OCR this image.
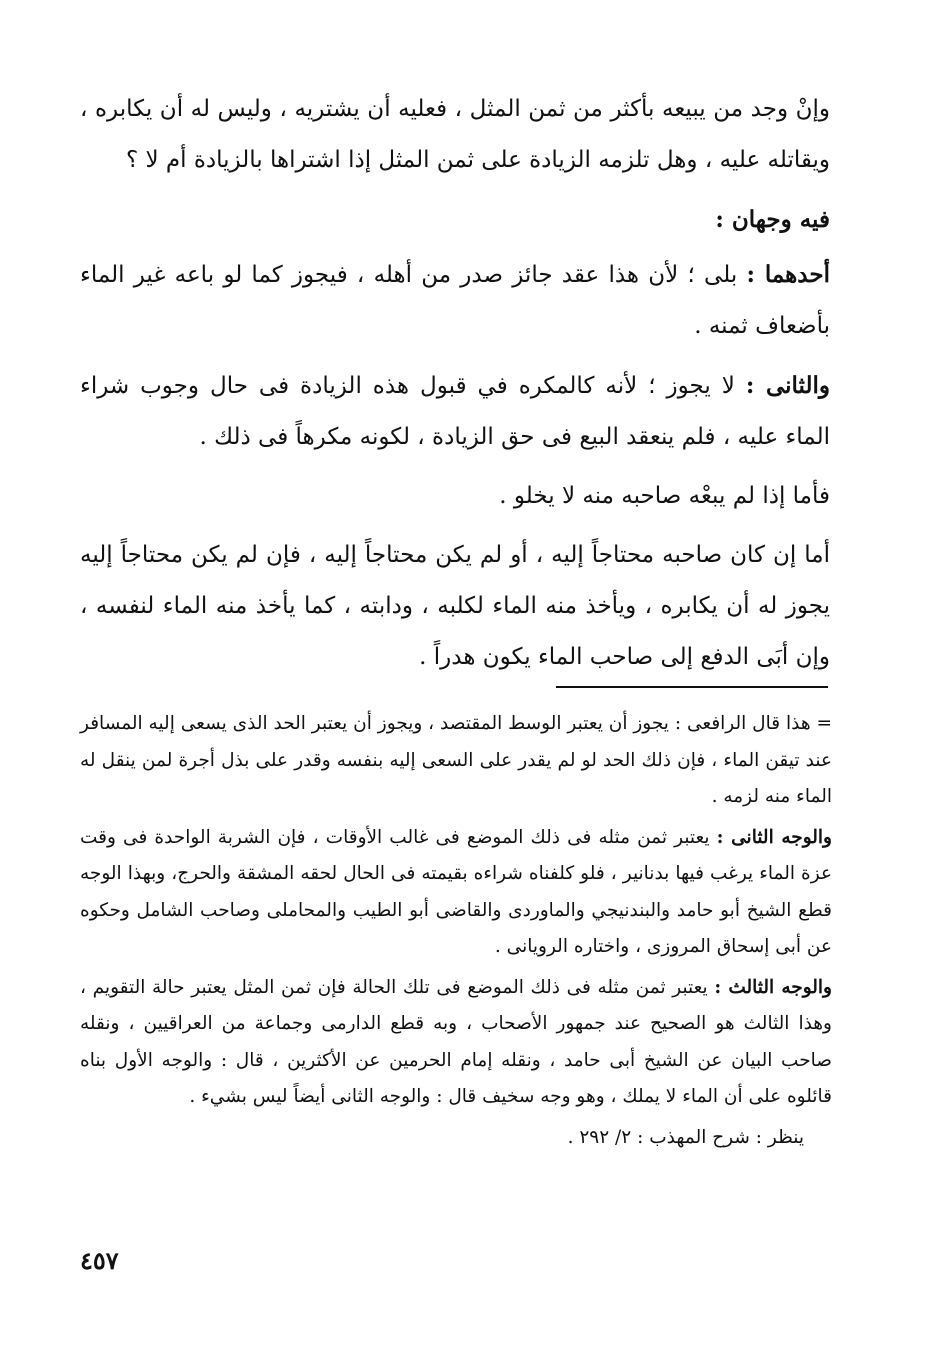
وإنْ وجد من يبيعه بأكثر من ثمن المثل ، فعليه أن يشتريه ، وليس له أن يكابره ، ويقاتله عليه ، وهل تلزمه الزيادة على ثمن المثل إذا اشتراها بالزيادة أم لا ؟

فيه وجهان :

أحدهما : بلى ؛ لأن هذا عقد جائز صدر من أهله ، فيجوز كما لو باعه غير الماء بأضعاف ثمنه .

والثانى : لا يجوز ؛ لأنه كالمكره في قبول هذه الزيادة فى حال وجوب شراء الماء عليه ، فلم ينعقد البيع فى حق الزيادة ، لكونه مكرهاً فى ذلك .

فأما إذا لم يبعْه صاحبه منه لا يخلو .

أما إن كان صاحبه محتاجاً إليه ، أو لم يكن محتاجاً إليه ، فإن لم يكن محتاجاً إليه يجوز له أن يكابره ، ويأخذ منه الماء لكلبه ، ودابته ، كما يأخذ منه الماء لنفسه ، وإن أبَى الدفع إلى صاحب الماء يكون هدراً .

= هذا قال الرافعى : يجوز أن يعتبر الوسط المقتصد ، ويجوز أن يعتبر الحد الذى يسعى إليه المسافر عند تيقن الماء ، فإن ذلك الحد لو لم يقدر على السعى إليه بنفسه وقدر على بذل أجرة لمن ينقل له الماء منه لزمه .

والوجه الثانى : يعتبر ثمن مثله فى ذلك الموضع فى غالب الأوقات ، فإن الشربة الواحدة فى وقت عزة الماء يرغب فيها بدنانير ، فلو كلفناه شراءه بقيمته فى الحال لحقه المشقة والحرج، وبهذا الوجه قطع الشيخ أبو حامد والبندنيجي والماوردى والقاضى أبو الطيب والمحاملى وصاحب الشامل وحكوه عن أبى إسحاق المروزى ، واختاره الرويانى .

والوجه الثالث : يعتبر ثمن مثله فى ذلك الموضع فى تلك الحالة فإن ثمن المثل يعتبر حالة التقويم ، وهذا الثالث هو الصحيح عند جمهور الأصحاب ، وبه قطع الدارمى وجماعة من العراقيين ، ونقله صاحب البيان عن الشيخ أبى حامد ، ونقله إمام الحرمين عن الأكثرين ، قال : والوجه الأول بناه قائلوه على أن الماء لا يملك ، وهو وجه سخيف قال : والوجه الثانى أيضاً ليس بشيء .

ينظر : شرح المهذب : ٢/ ٢٩٢ .

٤٥٧
